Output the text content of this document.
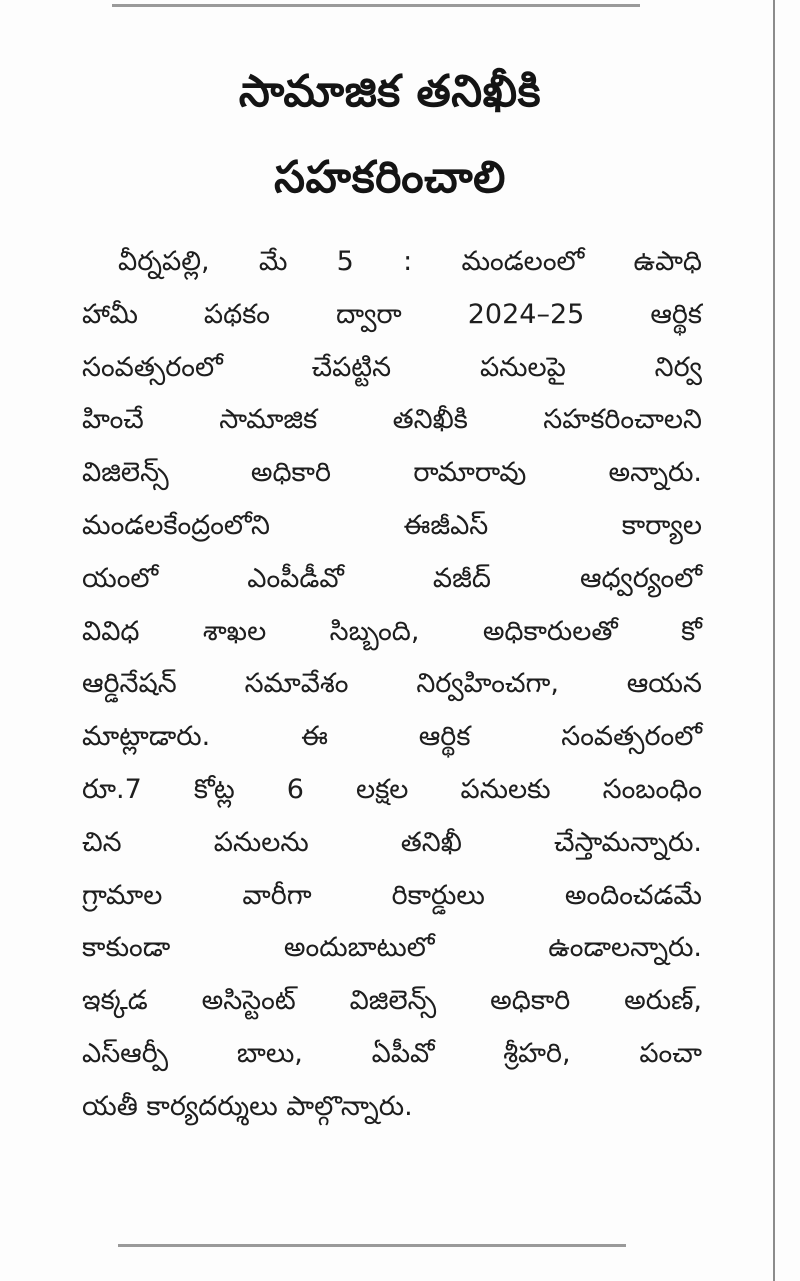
సామాజిక తనిఖీకి
సహకరించాలి
వీర్నపల్లి, మే 5 : మండలంలో ఉపాధి
హామీ పథకం ద్వారా 2024–25 ఆర్థిక
సంవత్సరంలో చేపట్టిన పనులపై నిర్వ
హించే సామాజిక తనిఖీకి సహకరించాలని
విజిలెన్స్ అధికారి రామారావు అన్నారు.
మండలకేంద్రంలోని ఈజీఎస్ కార్యాల
యంలో ఎంపీడీవో వజీద్ ఆధ్వర్యంలో
వివిధ శాఖల సిబ్బంది, అధికారులతో కో
ఆర్డినేషన్ సమావేశం నిర్వహించగా, ఆయన
మాట్లాడారు. ఈ ఆర్థిక సంవత్సరంలో
రూ.7 కోట్ల 6 లక్షల పనులకు సంబంధిం
చిన పనులను తనిఖీ చేస్తామన్నారు.
గ్రామాల వారీగా రికార్డులు అందించడమే
కాకుండా అందుబాటులో ఉండాలన్నారు.
ఇక్కడ అసిస్టెంట్ విజిలెన్స్ అధికారి అరుణ్,
ఎస్ఆర్పీ బాలు, ఏపీవో శ్రీహరి, పంచా
యతీ కార్యదర్శులు పాల్గొన్నారు.
